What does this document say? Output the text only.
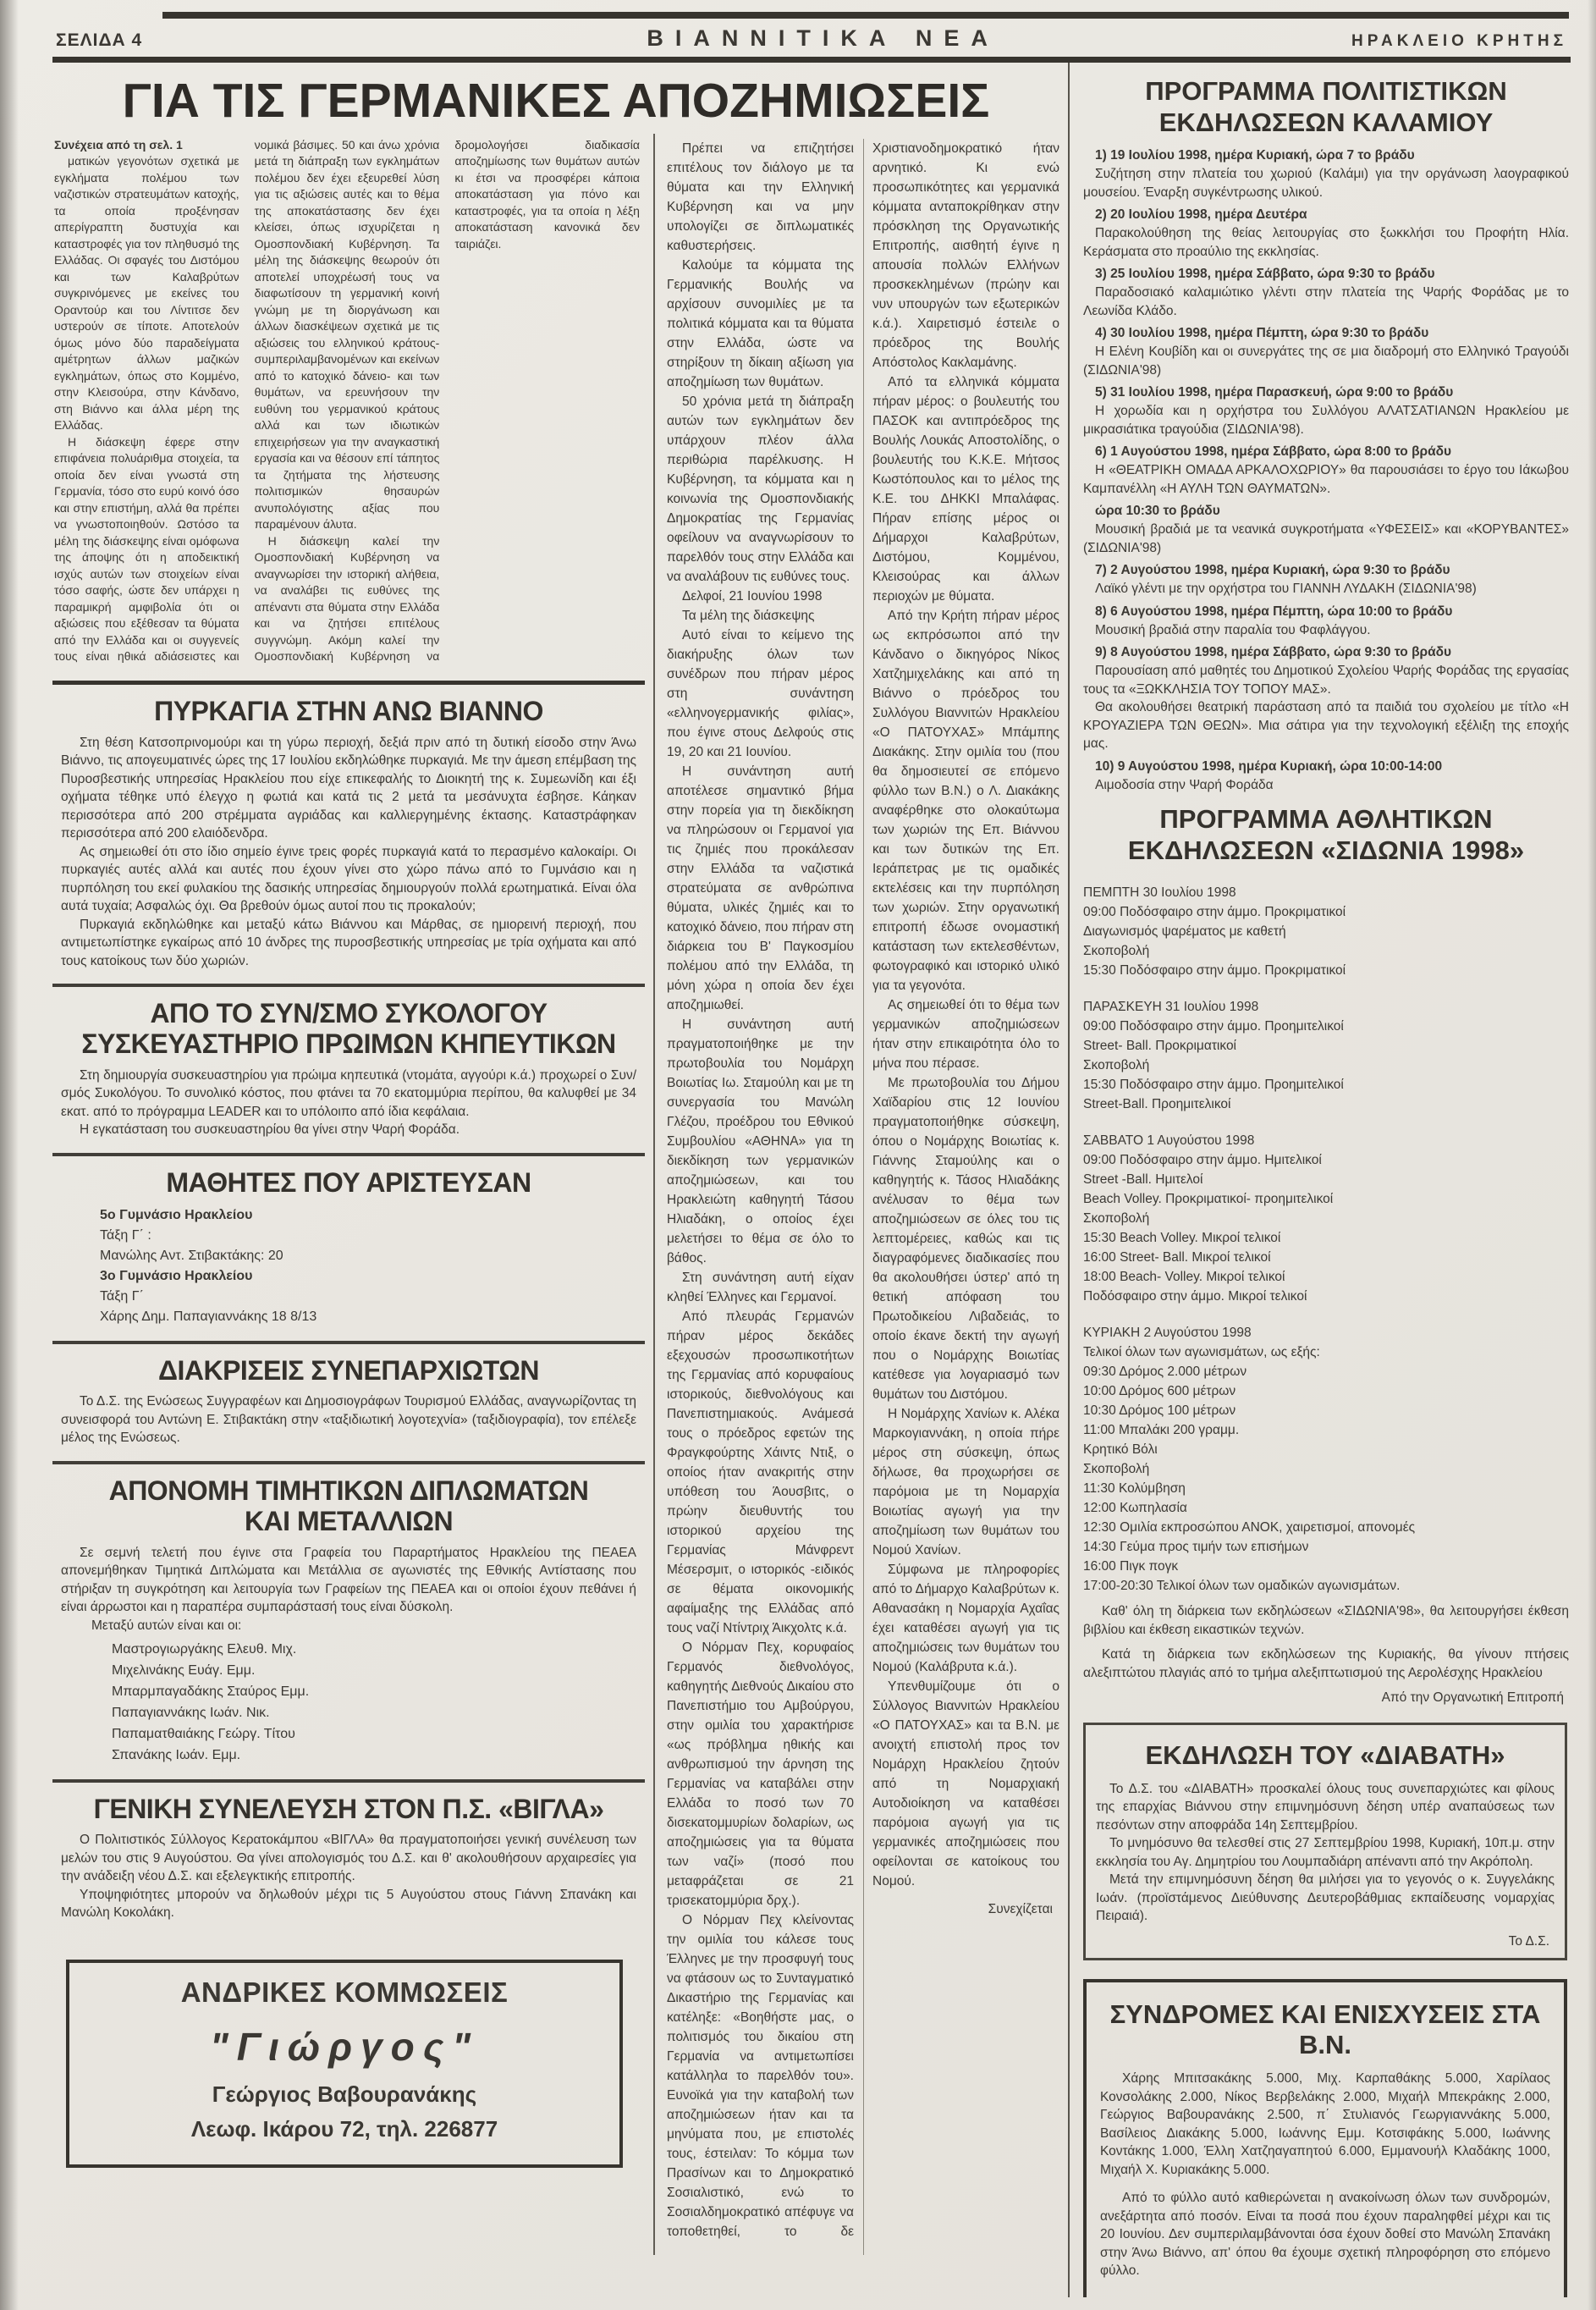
ΣΕΛΙΔΑ 4	ΒΙΑΝΝΙΤΙΚΑ ΝΕΑ	ΗΡΑΚΛΕΙΟ ΚΡΗΤΗΣ
ΓΙΑ ΤΙΣ ΓΕΡΜΑΝΙΚΕΣ ΑΠΟΖΗΜΙΩΣΕΙΣ

Συνέχεια από τη σελ. 1

ματικών γεγονότων σχετικά με εγκλήματα πολέμου των ναζιστικών στρατευμάτων κατοχής, τα οποία προξένησαν απερίγραπτη δυστυχία και καταστροφές για τον πληθυσμό της Ελλάδας. Οι σφαγές του Διστόμου και των Καλαβρύτων συγκρινόμενες με εκείνες του Οραντούρ και του Λίντιτσε δεν υστερούν σε τίποτε. Αποτελούν όμως μόνο δύο παραδείγματα αμέτρητων άλλων μαζικών εγκλημάτων, όπως στο Κομμένο, στην Κλεισούρα, στην Κάνδανο, στη Βιάννο και άλλα μέρη της Ελλάδας.

Η διάσκεψη έφερε στην επιφάνεια πολυάριθμα στοιχεία, τα οποία δεν είναι γνωστά στη Γερμανία, τόσο στο ευρύ κοινό όσο και στην επιστήμη, αλλά θα πρέπει να γνωστοποιηθούν. Ωστόσο τα μέλη της διάσκεψης είναι ομόφωνα της άποψης ότι η αποδεικτική ισχύς αυτών των στοιχείων είναι τόσο σαφής, ώστε δεν υπάρχει η παραμικρή αμφιβολία ότι οι αξιώσεις που εξέθεσαν τα θύματα από την Ελλάδα και οι συγγενείς τους είναι ηθικά αδιάσειστες και νομικά βάσιμες. 50 και άνω χρόνια μετά τη διάπραξη των εγκλημάτων πολέμου δεν έχει εξευρεθεί λύση για τις αξιώσεις αυτές και το θέμα της αποκατάστασης δεν έχει κλείσει, όπως ισχυρίζεται η Ομοσπονδιακή Κυβέρνηση. Τα μέλη της διάσκεψης θεωρούν ότι αποτελεί υποχρέωσή τους να διαφωτίσουν τη γερμανική κοινή γνώμη με τη διοργάνωση και άλλων διασκέψεων σχετικά με τις αξιώσεις του ελληνικού κράτους- συμπεριλαμβανομένων και εκείνων από το κατοχικό δάνειο- και των θυμάτων, να ερευνήσουν την ευθύνη του γερμανικού κράτους αλλά και των ιδιωτικών επιχειρήσεων για την αναγκαστική εργασία και να θέσουν επί τάπητος τα ζητήματα της λήστευσης πολιτισμικών θησαυρών ανυπολόγιστης αξίας που παραμένουν άλυτα.

Η διάσκεψη καλεί την Ομοσπονδιακή Κυβέρνηση να αναγνωρίσει την ιστορική αλήθεια, να αναλάβει τις ευθύνες της απέναντι στα θύματα στην Ελλάδα και να ζητήσει επιτέλους συγγνώμη. Ακόμη καλεί την Ομοσπονδιακή Κυβέρνηση να δρομολογήσει διαδικασία αποζημίωσης των θυμάτων αυτών κι έτσι να προσφέρει κάποια αποκατάσταση για πόνο και καταστροφές, για τα οποία η λέξη αποκατάσταση κανονικά δεν ταιριάζει.

ΠΥΡΚΑΓΙΑ ΣΤΗΝ ΑΝΩ ΒΙΑΝΝΟ

Στη θέση Κατσοπρινομούρι και τη γύρω περιοχή, δεξιά πριν από τη δυτική είσοδο στην Άνω Βιάννο, τις απογευματινές ώρες της 17 Ιουλίου εκδηλώθηκε πυρκαγιά. Με την άμεση επέμβαση της Πυροσβεστικής υπηρεσίας Ηρακλείου που είχε επικεφαλής το Διοικητή της κ. Συμεωνίδη και έξι οχήματα τέθηκε υπό έλεγχο η φωτιά και κατά τις 2 μετά τα μεσάνυχτα έσβησε. Κάηκαν περισσότερα από 200 στρέμματα αγριάδας και καλλιεργημένης έκτασης. Καταστράφηκαν περισσότερα από 200 ελαιόδενδρα.

Ας σημειωθεί ότι στο ίδιο σημείο έγινε τρεις φορές πυρκαγιά κατά το περασμένο καλοκαίρι. Οι πυρκαγιές αυτές αλλά και αυτές που έχουν γίνει στο χώρο πάνω από το Γυμνάσιο και η πυρπόληση του εκεί φυλακίου της δασικής υπηρεσίας δημιουργούν πολλά ερωτηματικά. Είναι όλα αυτά τυχαία; Ασφαλώς όχι. Θα βρεθούν όμως αυτοί που τις προκαλούν;

Πυρκαγιά εκδηλώθηκε και μεταξύ κάτω Βιάννου και Μάρθας, σε ημιορεινή περιοχή, που αντιμετωπίστηκε εγκαίρως από 10 άνδρες της πυροσβεστικής υπηρεσίας με τρία οχήματα και από τους κατοίκους των δύο χωριών.

ΑΠΟ ΤΟ ΣΥΝ/ΣΜΟ ΣΥΚΟΛΟΓΟΥ
ΣΥΣΚΕΥΑΣΤΗΡΙΟ ΠΡΩΙΜΩΝ ΚΗΠΕΥΤΙΚΩΝ

Στη δημιουργία συσκευαστηρίου για πρώιμα κηπευτικά (ντομάτα, αγγούρι κ.ά.) προχωρεί ο Συν/σμός Συκολόγου. Το συνολικό κόστος, που φτάνει τα 70 εκατομμύρια περίπου, θα καλυφθεί με 34 εκατ. από το πρόγραμμα LEADER και το υπόλοιπο από ίδια κεφάλαια.

Η εγκατάσταση του συσκευαστηρίου θα γίνει στην Ψαρή Φοράδα.

ΜΑΘΗΤΕΣ ΠΟΥ ΑΡΙΣΤΕΥΣΑΝ

5ο Γυμνάσιο Ηρακλείου

Τάξη Γ΄ :

Μανώλης Αντ. Στιβακτάκης: 20

3ο Γυμνάσιο Ηρακλείου

Τάξη Γ΄

Χάρης Δημ. Παπαγιαννάκης 18 8/13

ΔΙΑΚΡΙΣΕΙΣ ΣΥΝΕΠΑΡΧΙΩΤΩΝ

Το Δ.Σ. της Ενώσεως Συγγραφέων και Δημοσιογράφων Τουρισμού Ελλάδας, αναγνωρίζοντας τη συνεισφορά του Αντώνη Ε. Στιβακτάκη στην «ταξιδιωτική λογοτεχνία» (ταξιδιογραφία), τον επέλεξε μέλος της Ενώσεως.

ΑΠΟΝΟΜΗ ΤΙΜΗΤΙΚΩΝ ΔΙΠΛΩΜΑΤΩΝ
ΚΑΙ ΜΕΤΑΛΛΙΩΝ

Σε σεμνή τελετή που έγινε στα Γραφεία του Παραρτήματος Ηρακλείου της ΠΕΑΕΑ απονεμήθηκαν Τιμητικά Διπλώματα και Μετάλλια σε αγωνιστές της Εθνικής Αντίστασης που στήριξαν τη συγκρότηση και λειτουργία των Γραφείων της ΠΕΑΕΑ και οι οποίοι έχουν πεθάνει ή είναι άρρωστοι και η παραπέρα συμπαράστασή τους είναι δύσκολη.

Μεταξύ αυτών είναι και οι:

Μαστρογιωργάκης Ελευθ. Μιχ.

Μιχελινάκης Ευάγ. Εμμ.

Μπαρμπαγαδάκης Σταύρος Εμμ.

Παπαγιαννάκης Ιωάν. Νικ.

Παπαματθαιάκης Γεώργ. Τίτου

Σπανάκης Ιωάν. Εμμ.

ΓΕΝΙΚΗ ΣΥΝΕΛΕΥΣΗ ΣΤΟΝ Π.Σ. «ΒΙΓΛΑ»

Ο Πολιτιστικός Σύλλογος Κερατοκάμπου «ΒΙΓΛΑ» θα πραγματοποιήσει γενική συνέλευση των μελών του στις 9 Αυγούστου. Θα γίνει απολογισμός του Δ.Σ. και θ' ακολουθήσουν αρχαιρεσίες για την ανάδειξη νέου Δ.Σ. και εξελεγκτικής επιτροπής.

Υποψηφιότητες μπορούν να δηλωθούν μέχρι τις 5 Αυγούστου στους Γιάννη Σπανάκη και Μανώλη Κοκολάκη.

ΑΝΔΡΙΚΕΣ ΚΟΜΜΩΣΕΙΣ
"Γιώργος"
Γεώργιος Βαβουρανάκης
Λεωφ. Ικάρου 72, τηλ. 226877

Πρέπει να επιζητήσει επιτέλους τον διάλογο με τα θύματα και την Ελληνική Κυβέρνηση και να μην υπολογίζει σε διπλωματικές καθυστερήσεις.

Καλούμε τα κόμματα της Γερμανικής Βουλής να αρχίσουν συνομιλίες με τα πολιτικά κόμματα και τα θύματα στην Ελλάδα, ώστε να στηρίξουν τη δίκαιη αξίωση για αποζημίωση των θυμάτων.

50 χρόνια μετά τη διάπραξη αυτών των εγκλημάτων δεν υπάρχουν πλέον άλλα περιθώρια παρέλκυσης. Η Κυβέρνηση, τα κόμματα και η κοινωνία της Ομοσπονδιακής Δημοκρατίας της Γερμανίας οφείλουν να αναγνωρίσουν το παρελθόν τους στην Ελλάδα και να αναλάβουν τις ευθύνες τους.

Δελφοί, 21 Ιουνίου 1998

Τα μέλη της διάσκεψης

Αυτό είναι το κείμενο της διακήρυξης όλων των συνέδρων που πήραν μέρος στη συνάντηση «ελληνογερμανικής φιλίας», που έγινε στους Δελφούς στις 19, 20 και 21 Ιουνίου.

Η συνάντηση αυτή αποτέλεσε σημαντικό βήμα στην πορεία για τη διεκδίκηση να πληρώσουν οι Γερμανοί για τις ζημιές που προκάλεσαν στην Ελλάδα τα ναζιστικά στρατεύματα σε ανθρώπινα θύματα, υλικές ζημιές και το κατοχικό δάνειο, που πήραν στη διάρκεια του Β' Παγκοσμίου πολέμου από την Ελλάδα, τη μόνη χώρα η οποία δεν έχει αποζημιωθεί.

Η συνάντηση αυτή πραγματοποιήθηκε με την πρωτοβουλία του Νομάρχη Βοιωτίας Ιω. Σταμούλη και με τη συνεργασία του Μανώλη Γλέζου, προέδρου του Εθνικού Συμβουλίου «ΑΘΗΝΑ» για τη διεκδίκηση των γερμανικών αποζημιώσεων, και του Ηρακλειώτη καθηγητή Τάσου Ηλιαδάκη, ο οποίος έχει μελετήσει το θέμα σε όλο το βάθος.

Στη συνάντηση αυτή είχαν κληθεί Έλληνες και Γερμανοί.

Από πλευράς Γερμανών πήραν μέρος δεκάδες εξεχουσών προσωπικοτήτων της Γερμανίας από κορυφαίους ιστορικούς, διεθνολόγους και Πανεπιστημιακούς. Ανάμεσά τους ο πρόεδρος εφετών της Φραγκφούρτης Χάιντς Ντιξ, ο οποίος ήταν ανακριτής στην υπόθεση του Άουσβιτς, ο πρώην διευθυντής του ιστορικού αρχείου της Γερμανίας Μάνφρεντ Μέσερσμιτ, ο ιστορικός -ειδικός σε θέματα οικονομικής αφαίμαξης της Ελλάδας από τους ναζί Ντίντριχ Άικχολτς κ.ά.

Ο Νόρμαν Πεχ, κορυφαίος Γερμανός διεθνολόγος, καθηγητής Διεθνούς Δικαίου στο Πανεπιστήμιο του Αμβούργου, στην ομιλία του χαρακτήρισε «ως πρόβλημα ηθικής και ανθρωπισμού την άρνηση της Γερμανίας να καταβάλει στην Ελλάδα το ποσό των 70 δισεκατομμυρίων δολαρίων, ως αποζημιώσεις για τα θύματα των ναζί» (ποσό που μεταφράζεται σε 21 τρισεκατομμύρια δρχ.).

Ο Νόρμαν Πεχ κλείνοντας την ομιλία του κάλεσε τους Έλληνες με την προσφυγή τους να φτάσουν ως το Συνταγματικό Δικαστήριο της Γερμανίας και κατέληξε: «Βοηθήστε μας, ο πολιτισμός του δικαίου στη Γερμανία να αντιμετωπίσει κατάλληλα το παρελθόν του». Ευνοϊκά για την καταβολή των αποζημιώσεων ήταν και τα μηνύματα που, με επιστολές τους, έστειλαν: Το κόμμα των Πρασίνων και το Δημοκρατικό Σοσιαλιστικό, ενώ το Σοσιαλδημοκρατικό απέφυγε να τοποθετηθεί, το δε Χριστιανοδημοκρατικό ήταν αρνητικό. Κι ενώ προσωπικότητες και γερμανικά κόμματα ανταποκρίθηκαν στην πρόσκληση της Οργανωτικής Επιτροπής, αισθητή έγινε η απουσία πολλών Ελλήνων προσκεκλημένων (πρώην και νυν υπουργών των εξωτερικών κ.ά.). Χαιρετισμό έστειλε ο πρόεδρος της Βουλής Απόστολος Κακλαμάνης.

Από τα ελληνικά κόμματα πήραν μέρος: ο βουλευτής του ΠΑΣΟΚ και αντιπρόεδρος της Βουλής Λουκάς Αποστολίδης, ο βουλευτής του Κ.Κ.Ε. Μήτσος Κωστόπουλος και το μέλος της Κ.Ε. του ΔΗΚΚΙ Μπαλάφας. Πήραν επίσης μέρος οι Δήμαρχοι Καλαβρύτων, Διστόμου, Κομμένου, Κλεισούρας και άλλων περιοχών με θύματα.

Από την Κρήτη πήραν μέρος ως εκπρόσωποι από την Κάνδανο ο δικηγόρος Νίκος Χατζημιχελάκης και από τη Βιάννο ο πρόεδρος του Συλλόγου Βιαννιτών Ηρακλείου «Ο ΠΑΤΟΥΧΑΣ» Μπάμπης Διακάκης. Στην ομιλία του (που θα δημοσιευτεί σε επόμενο φύλλο των Β.Ν.) ο Λ. Διακάκης αναφέρθηκε στο ολοκαύτωμα των χωριών της Επ. Βιάννου και των δυτικών της Επ. Ιεράπετρας με τις ομαδικές εκτελέσεις και την πυρπόληση των χωριών. Στην οργανωτική επιτροπή έδωσε ονομαστική κατάσταση των εκτελεσθέντων, φωτογραφικό και ιστορικό υλικό για τα γεγονότα.

Ας σημειωθεί ότι το θέμα των γερμανικών αποζημιώσεων ήταν στην επικαιρότητα όλο το μήνα που πέρασε.

Με πρωτοβουλία του Δήμου Χαϊδαρίου στις 12 Ιουνίου πραγματοποιήθηκε σύσκεψη, όπου ο Νομάρχης Βοιωτίας κ. Γιάννης Σταμούλης και ο καθηγητής κ. Τάσος Ηλιαδάκης ανέλυσαν το θέμα των αποζημιώσεων σε όλες του τις λεπτομέρειες, καθώς και τις διαγραφόμενες διαδικασίες που θα ακολουθήσει ύστερ' από τη θετική απόφαση του Πρωτοδικείου Λιβαδειάς, το οποίο έκανε δεκτή την αγωγή που ο Νομάρχης Βοιωτίας κατέθεσε για λογαριασμό των θυμάτων του Διστόμου.

Η Νομάρχης Χανίων κ. Αλέκα Μαρκογιαννάκη, η οποία πήρε μέρος στη σύσκεψη, όπως δήλωσε, θα προχωρήσει σε παρόμοια με τη Νομαρχία Βοιωτίας αγωγή για την αποζημίωση των θυμάτων του Νομού Χανίων.

Σύμφωνα με πληροφορίες από το Δήμαρχο Καλαβρύτων κ. Αθανασάκη η Νομαρχία Αχαΐας έχει καταθέσει αγωγή για τις αποζημιώσεις των θυμάτων του Νομού (Καλάβρυτα κ.ά.).

Υπενθυμίζουμε ότι ο Σύλλογος Βιαννιτών Ηρακλείου «Ο ΠΑΤΟΥΧΑΣ» και τα Β.Ν. με ανοιχτή επιστολή προς τον Νομάρχη Ηρακλείου ζητούν από τη Νομαρχιακή Αυτοδιοίκηση να καταθέσει παρόμοια αγωγή για τις γερμανικές αποζημιώσεις που οφείλονται σε κατοίκους του Νομού.

Συνεχίζεται

ΠΡΟΓΡΑΜΜΑ ΠΟΛΙΤΙΣΤΙΚΩΝ
ΕΚΔΗΛΩΣΕΩΝ ΚΑΛΑΜΙΟΥ

1) 19 Ιουλίου 1998, ημέρα Κυριακή, ώρα 7 το βράδυ

Συζήτηση στην πλατεία του χωριού (Καλάμι) για την οργάνωση λαογραφικού μουσείου. Έναρξη συγκέντρωσης υλικού.

2) 20 Ιουλίου 1998, ημέρα Δευτέρα

Παρακολούθηση της θείας λειτουργίας στο ξωκκλήσι του Προφήτη Ηλία. Κεράσματα στο προαύλιο της εκκλησίας.

3) 25 Ιουλίου 1998, ημέρα Σάββατο, ώρα 9:30 το βράδυ

Παραδοσιακό καλαμιώτικο γλέντι στην πλατεία της Ψαρής Φοράδας με το Λεωνίδα Κλάδο.

4) 30 Ιουλίου 1998, ημέρα Πέμπτη, ώρα 9:30 το βράδυ

Η Ελένη Κουβίδη και οι συνεργάτες της σε μια διαδρομή στο Ελληνικό Τραγούδι (ΣΙΔΩΝΙΑ'98)

5) 31 Ιουλίου 1998, ημέρα Παρασκευή, ώρα 9:00 το βράδυ

Η χορωδία και η ορχήστρα του Συλλόγου ΑΛΑΤΣΑΤΙΑΝΩΝ Ηρακλείου με μικρασιάτικα τραγούδια (ΣΙΔΩΝΙΑ'98).

6) 1 Αυγούστου 1998, ημέρα Σάββατο, ώρα 8:00 το βράδυ

Η «ΘΕΑΤΡΙΚΗ ΟΜΑΔΑ ΑΡΚΑΛΟΧΩΡΙΟΥ» θα παρουσιάσει το έργο του Ιάκωβου Καμπανέλλη «Η ΑΥΛΗ ΤΩΝ ΘΑΥΜΑΤΩΝ».

ώρα 10:30 το βράδυ

Μουσική βραδιά με τα νεανικά συγκροτήματα «ΥΦΕΣΕΙΣ» και «ΚΟΡΥΒΑΝΤΕΣ» (ΣΙΔΩΝΙΑ'98)

7) 2 Αυγούστου 1998, ημέρα Κυριακή, ώρα 9:30 το βράδυ

Λαϊκό γλέντι με την ορχήστρα του ΓΙΑΝΝΗ ΛΥΔΑΚΗ (ΣΙΔΩΝΙΑ'98)

8) 6 Αυγούστου 1998, ημέρα Πέμπτη, ώρα 10:00 το βράδυ

Μουσική βραδιά στην παραλία του Φαφλάγγου.

9) 8 Αυγούστου 1998, ημέρα Σάββατο, ώρα 9:30 το βράδυ

Παρουσίαση από μαθητές του Δημοτικού Σχολείου Ψαρής Φοράδας της εργασίας τους τα «ΞΩΚΚΛΗΣΙΑ ΤΟΥ ΤΟΠΟΥ ΜΑΣ».

Θα ακολουθήσει θεατρική παράσταση από τα παιδιά του σχολείου με τίτλο «Η ΚΡΟΥΑΖΙΕΡΑ ΤΩΝ ΘΕΩΝ». Μια σάτιρα για την τεχνολογική εξέλιξη της εποχής μας.

10) 9 Αυγούστου 1998, ημέρα Κυριακή, ώρα 10:00-14:00

Αιμοδοσία στην Ψαρή Φοράδα

ΠΡΟΓΡΑΜΜΑ ΑΘΛΗΤΙΚΩΝ
ΕΚΔΗΛΩΣΕΩΝ «ΣΙΔΩΝΙΑ 1998»

ΠΕΜΠΤΗ 30 Ιουλίου 1998

09:00 Ποδόσφαιρο στην άμμο. Προκριματικοί

Διαγωνισμός ψαρέματος με καθετή

Σκοποβολή

15:30 Ποδόσφαιρο στην άμμο. Προκριματικοί

ΠΑΡΑΣΚΕΥΗ 31 Ιουλίου 1998

09:00 Ποδόσφαιρο στην άμμο. Προημιτελικοί

Street- Ball. Προκριματικοί

Σκοποβολή

15:30 Ποδόσφαιρο στην άμμο. Προημιτελικοί

Street-Ball. Προημιτελικοί

ΣΑΒΒΑΤΟ 1 Αυγούστου 1998

09:00 Ποδόσφαιρο στην άμμο. Ημιτελικοί

Street -Ball. Ημιτελοί

Beach Volley. Προκριματικοί- προημιτελικοί

Σκοποβολή

15:30 Beach Volley. Μικροί τελικοί

16:00 Street- Ball. Μικροί τελικοί

18:00 Beach- Volley. Μικροί τελικοί

Ποδόσφαιρο στην άμμο. Μικροί τελικοί

ΚΥΡΙΑΚΗ 2 Αυγούστου 1998

Τελικοί όλων των αγωνισμάτων, ως εξής:

09:30 Δρόμος 2.000 μέτρων

10:00 Δρόμος 600 μέτρων

10:30 Δρόμος 100 μέτρων

11:00 Μπαλάκι 200 γραμμ.

Κρητικό Βόλι

Σκοποβολή

11:30 Κολύμβηση

12:00 Κωπηλασία

12:30 Ομιλία εκπροσώπου ΑΝΟΚ, χαιρετισμοί, απονομές

14:30 Γεύμα προς τιμήν των επισήμων

16:00 Πιγκ πογκ

17:00-20:30 Τελικοί όλων των ομαδικών αγωνισμάτων.

Καθ' όλη τη διάρκεια των εκδηλώσεων «ΣΙΔΩΝΙΑ'98», θα λειτουργήσει έκθεση βιβλίου και έκθεση εικαστικών τεχνών.

Κατά τη διάρκεια των εκδηλώσεων της Κυριακής, θα γίνουν πτήσεις αλεξιπτώτου πλαγιάς από το τμήμα αλεξιπτωτισμού της Αερολέσχης Ηρακλείου

Από την Οργανωτική Επιτροπή

ΕΚΔΗΛΩΣΗ ΤΟΥ «ΔΙΑΒΑΤΗ»

Το Δ.Σ. του «ΔΙΑΒΑΤΗ» προσκαλεί όλους τους συνεπαρχιώτες και φίλους της επαρχίας Βιάννου στην επιμνημόσυνη δέηση υπέρ αναπαύσεως των πεσόντων στην αποφράδα 14η Σεπτεμβρίου.

Το μνημόσυνο θα τελεσθεί στις 27 Σεπτεμβρίου 1998, Κυριακή, 10π.μ. στην εκκλησία του Αγ. Δημητρίου του Λουμπαδιάρη απέναντι από την Ακρόπολη.

Μετά την επιμνημόσυνη δέηση θα μιλήσει για το γεγονός ο κ. Συγγελάκης Ιωάν. (προϊστάμενος Διεύθυνσης Δευτεροβάθμιας εκπαίδευσης νομαρχίας Πειραιά).

Το Δ.Σ.

ΣΥΝΔΡΟΜΕΣ ΚΑΙ ΕΝΙΣΧΥΣΕΙΣ ΣΤΑ Β.Ν.

Χάρης Μπιτσακάκης 5.000, Μιχ. Καρπαθάκης 5.000, Χαρίλαος Κονσολάκης 2.000, Νίκος Βερβελάκης 2.000, Μιχαήλ Μπεκράκης 2.000, Γεώργιος Βαβουρανάκης 2.500, π΄ Στυλιανός Γεωργιαννάκης 5.000, Βασίλειος Διακάκης 5.000, Ιωάννης Εμμ. Κοτσιφάκης 5.000, Ιωάννης Κοντάκης 1.000, Έλλη Χατζηαγαπητού 6.000, Εμμανουήλ Κλαδάκης 1000, Μιχαήλ Χ. Κυριακάκης 5.000.

Από το φύλλο αυτό καθιερώνεται η ανακοίνωση όλων των συνδρομών, ανεξάρτητα από ποσόν. Είναι τα ποσά που έχουν παραληφθεί μέχρι και τις 20 Ιουνίου. Δεν συμπεριλαμβάνονται όσα έχουν δοθεί στο Μανώλη Σπανάκη στην Άνω Βιάννο, απ' όπου θα έχουμε σχετική πληροφόρηση στο επόμενο φύλλο.
